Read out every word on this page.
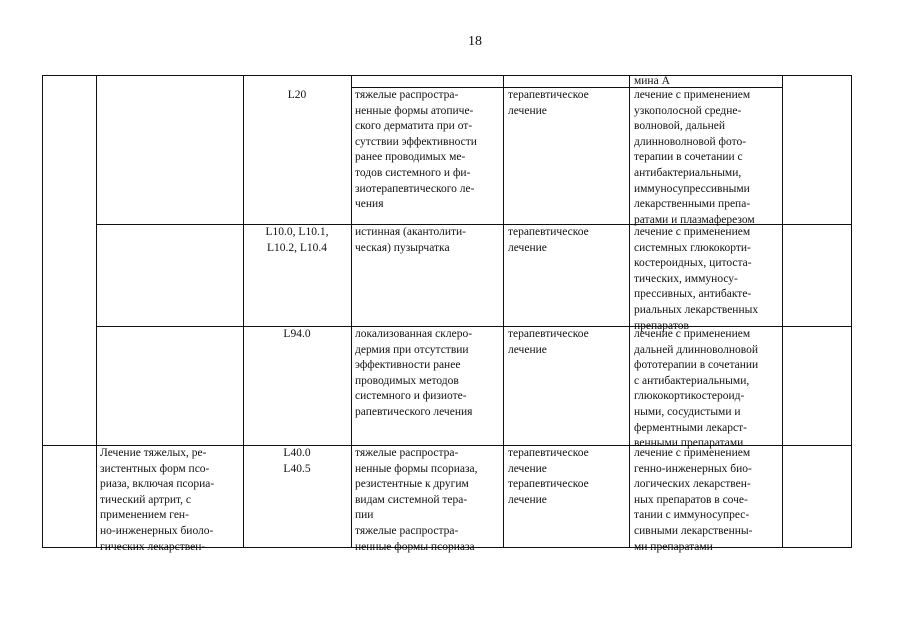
18

мина А

L20	тяжелые распростра-
ненные формы атопиче-
ского дерматита при от-
сутствии эффективности
ранее проводимых ме-
тодов системного и фи-
зиотерапевтического ле-
чения

терапевтическое
лечение

лечение с применением
узкополосной средне-
волновой, дальней
длинноволновой фото-
терапии в сочетании с
антибактериальными,
иммуносупрессивными
лекарственными препа-
ратами и плазмаферезом

L10.0, L10.1,
L10.2, L10.4

истинная (акантолити-
ческая) пузырчатка

терапевтическое
лечение

лечение с применением
системных глюкокорти-
костероидных, цитоста-
тических, иммуносу-
прессивных, антибакте-
риальных лекарственных
препаратов

L94.0	локализованная склеро-
дермия при отсутствии
эффективности ранее
проводимых методов
системного и физиоте-
рапевтического лечения

терапевтическое
лечение

лечение с применением
дальней длинноволновой
фототерапии в сочетании
с антибактериальными,
глюкокортикостероид-
ными, сосудистыми и
ферментными лекарст-
венными препаратами

Лечение тяжелых, ре-
зистентных форм псо-
риаза, включая псориа-
тический артрит, с
применением ген-
но-инженерных биоло-
гических лекарствен-

L40.0
L40.5

тяжелые распростра-
ненные формы псориаза,
резистентные к другим
видам системной тера-
пии
тяжелые распростра-
ненные формы псориаза

терапевтическое
лечение
терапевтическое
лечение

лечение с применением
генно-инженерных био-
логических лекарствен-
ных препаратов в соче-
тании с иммуносупрес-
сивными лекарственны-
ми препаратами
